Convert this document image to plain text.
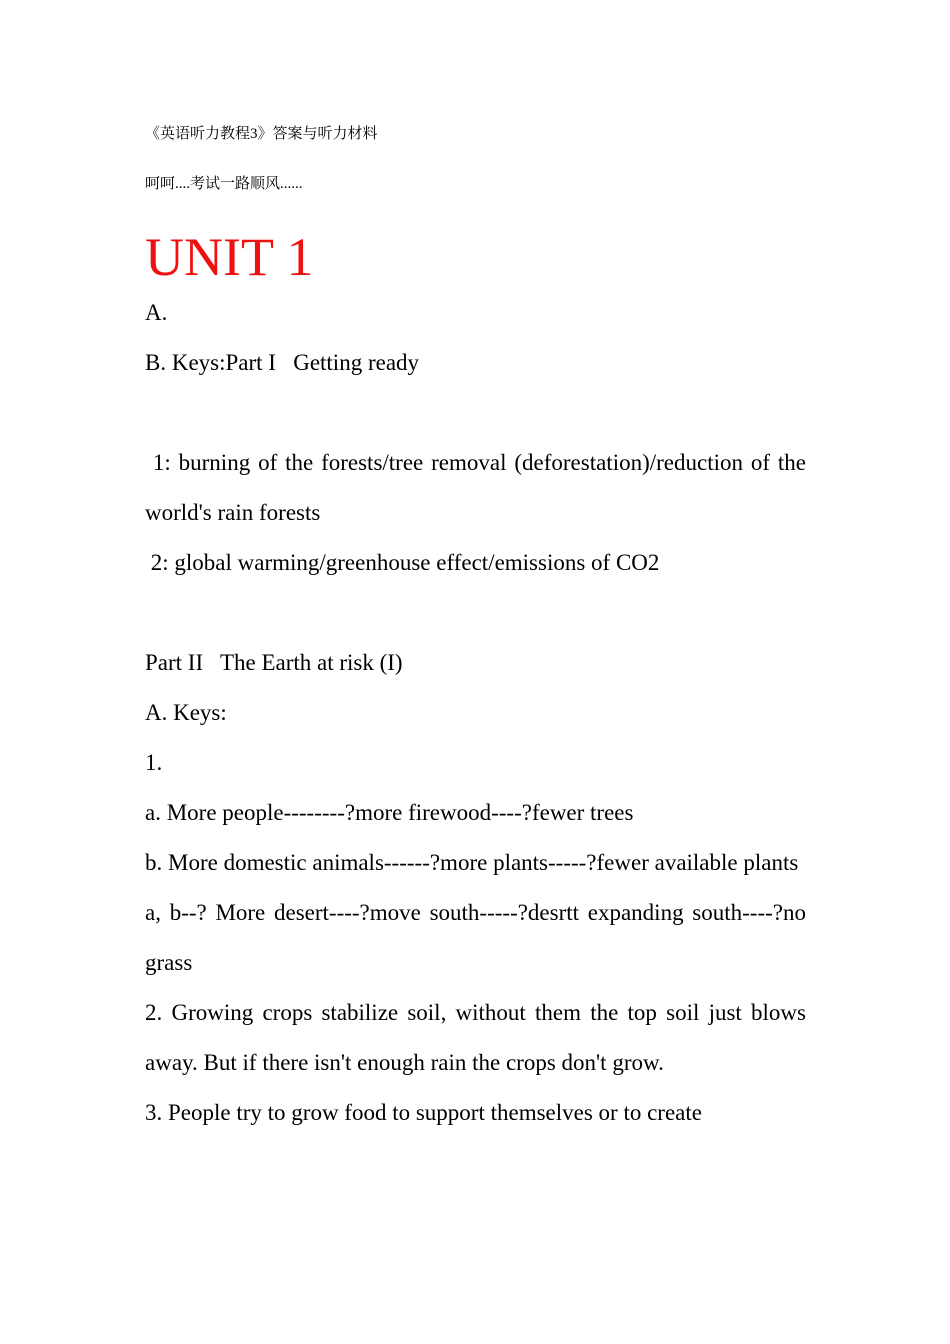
《英语听力教程3》答案与听力材料
呵呵....考试一路顺风......
UNIT 1

A.

B. Keys:Part I   Getting ready

1: burning of the forests/tree removal (deforestation)/reduction of the world's rain forests

2: global warming/greenhouse effect/emissions of CO2

Part II   The Earth at risk (I)

A. Keys:

1.

a. More people--------?more firewood----?fewer trees

b. More domestic animals------?more plants-----?fewer available plants

a, b--? More desert----?move south-----?desrtt expanding south----?no grass

2. Growing crops stabilize soil, without them the top soil just blows away. But if there isn't enough rain the crops don't grow.

3. People try to grow food to support themselves or to create
